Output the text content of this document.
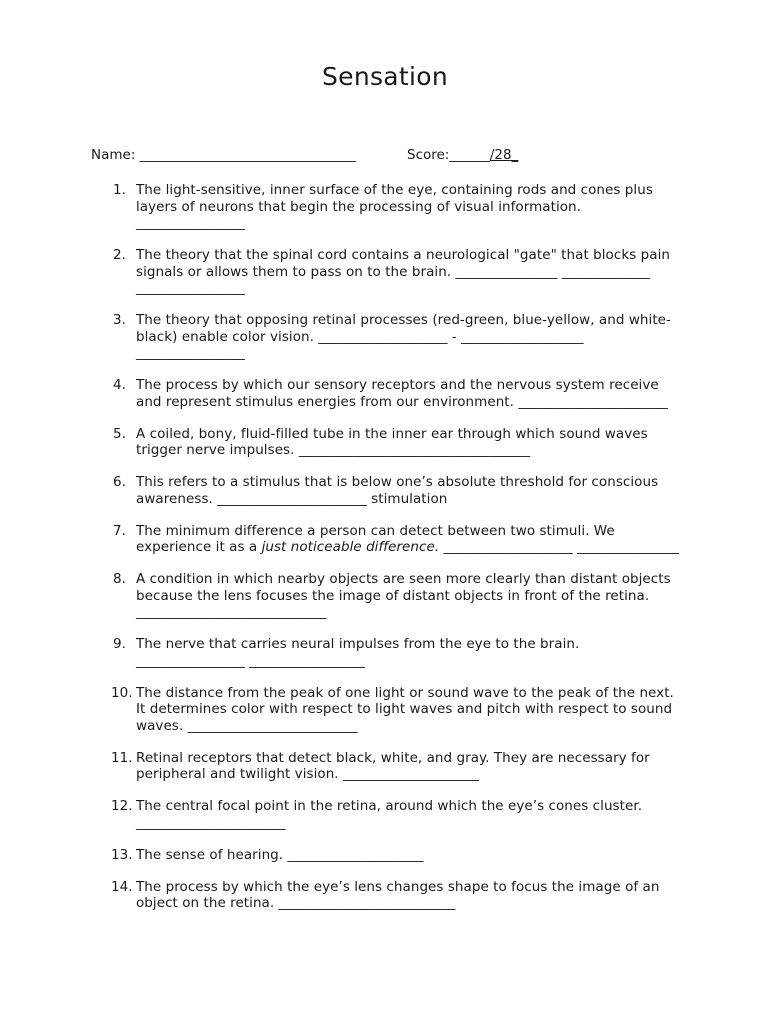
Sensation
Name: ________________________________	Score:______/28_
1. The light-sensitive, inner surface of the eye, containing rods and cones plus layers of neurons that begin the processing of visual information. ________________
2. The theory that the spinal cord contains a neurological "gate" that blocks pain signals or allows them to pass on to the brain. _______________ _____________ ________________
3. The theory that opposing retinal processes (red-green, blue-yellow, and white-black) enable color vision. ___________________ - __________________ ________________
4. The process by which our sensory receptors and the nervous system receive and represent stimulus energies from our environment. ______________________
5. A coiled, bony, fluid-filled tube in the inner ear through which sound waves trigger nerve impulses. __________________________________
6. This refers to a stimulus that is below one’s absolute threshold for conscious awareness. ______________________ stimulation
7. The minimum difference a person can detect between two stimuli. We experience it as a just noticeable difference. ___________________ _______________
8. A condition in which nearby objects are seen more clearly than distant objects because the lens focuses the image of distant objects in front of the retina. ____________________________
9. The nerve that carries neural impulses from the eye to the brain. ________________ _________________
10. The distance from the peak of one light or sound wave to the peak of the next. It determines color with respect to light waves and pitch with respect to sound waves. _________________________
11. Retinal receptors that detect black, white, and gray. They are necessary for peripheral and twilight vision. ____________________
12. The central focal point in the retina, around which the eye’s cones cluster. ______________________
13. The sense of hearing. ____________________
14. The process by which the eye’s lens changes shape to focus the image of an object on the retina. __________________________
